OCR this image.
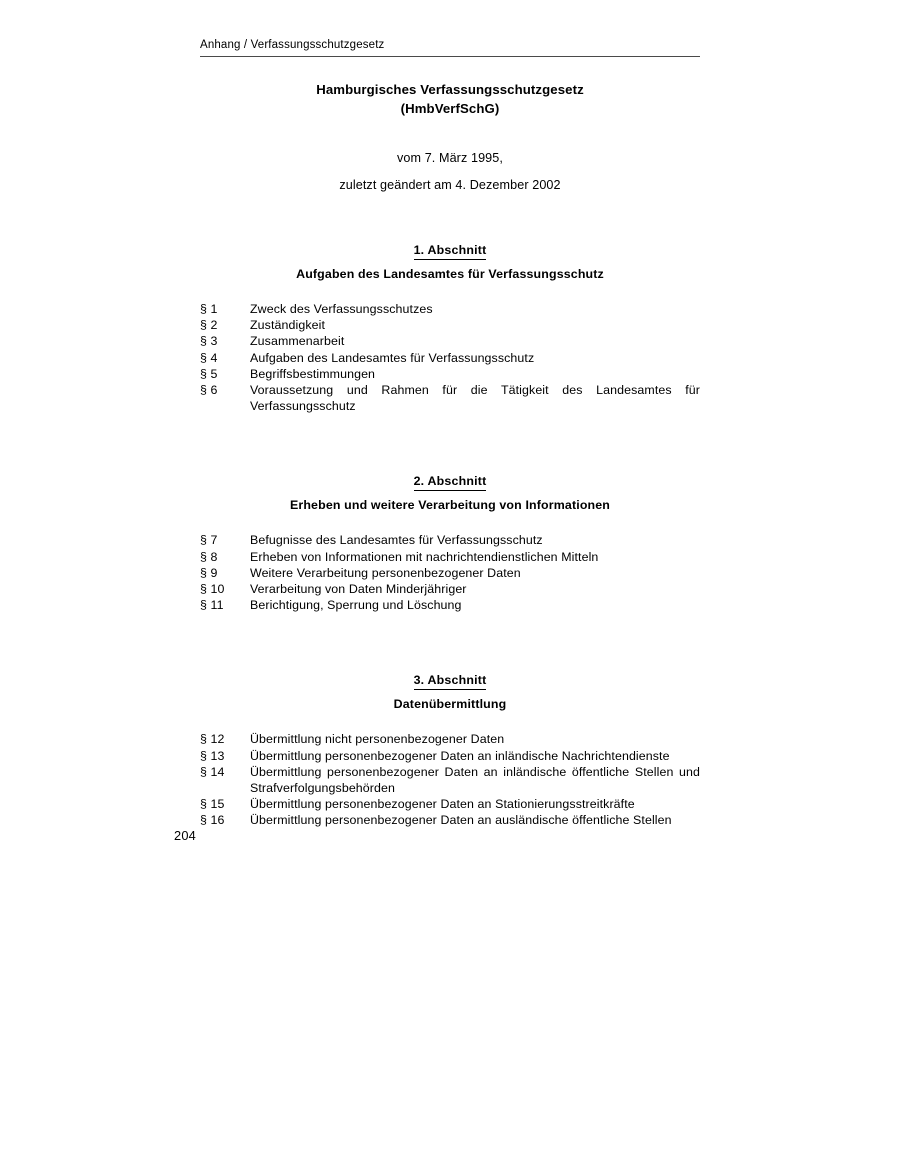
Anhang / Verfassungsschutzgesetz
Hamburgisches Verfassungsschutzgesetz
(HmbVerfSchG)
vom 7. März 1995,
zuletzt geändert am 4. Dezember 2002
1. Abschnitt
Aufgaben des Landesamtes für Verfassungsschutz
§ 1	Zweck des Verfassungsschutzes
§ 2	Zuständigkeit
§ 3	Zusammenarbeit
§ 4	Aufgaben des Landesamtes für Verfassungsschutz
§ 5	Begriffsbestimmungen
§ 6	Voraussetzung und Rahmen für die Tätigkeit des Landesamtes für Verfassungsschutz
2. Abschnitt
Erheben und weitere Verarbeitung von Informationen
§ 7	Befugnisse des Landesamtes für Verfassungsschutz
§ 8	Erheben von Informationen mit nachrichtendienstlichen Mitteln
§ 9	Weitere Verarbeitung personenbezogener Daten
§ 10	Verarbeitung von Daten Minderjähriger
§ 11	Berichtigung, Sperrung und Löschung
3. Abschnitt
Datenübermittlung
§ 12	Übermittlung nicht personenbezogener Daten
§ 13	Übermittlung personenbezogener Daten an inländische Nachrichtendienste
§ 14	Übermittlung personenbezogener Daten an inländische öffentliche Stellen und Strafverfolgungsbehörden
§ 15	Übermittlung personenbezogener Daten an Stationierungsstreitkräfte
§ 16	Übermittlung personenbezogener Daten an ausländische öffentliche Stellen
204
